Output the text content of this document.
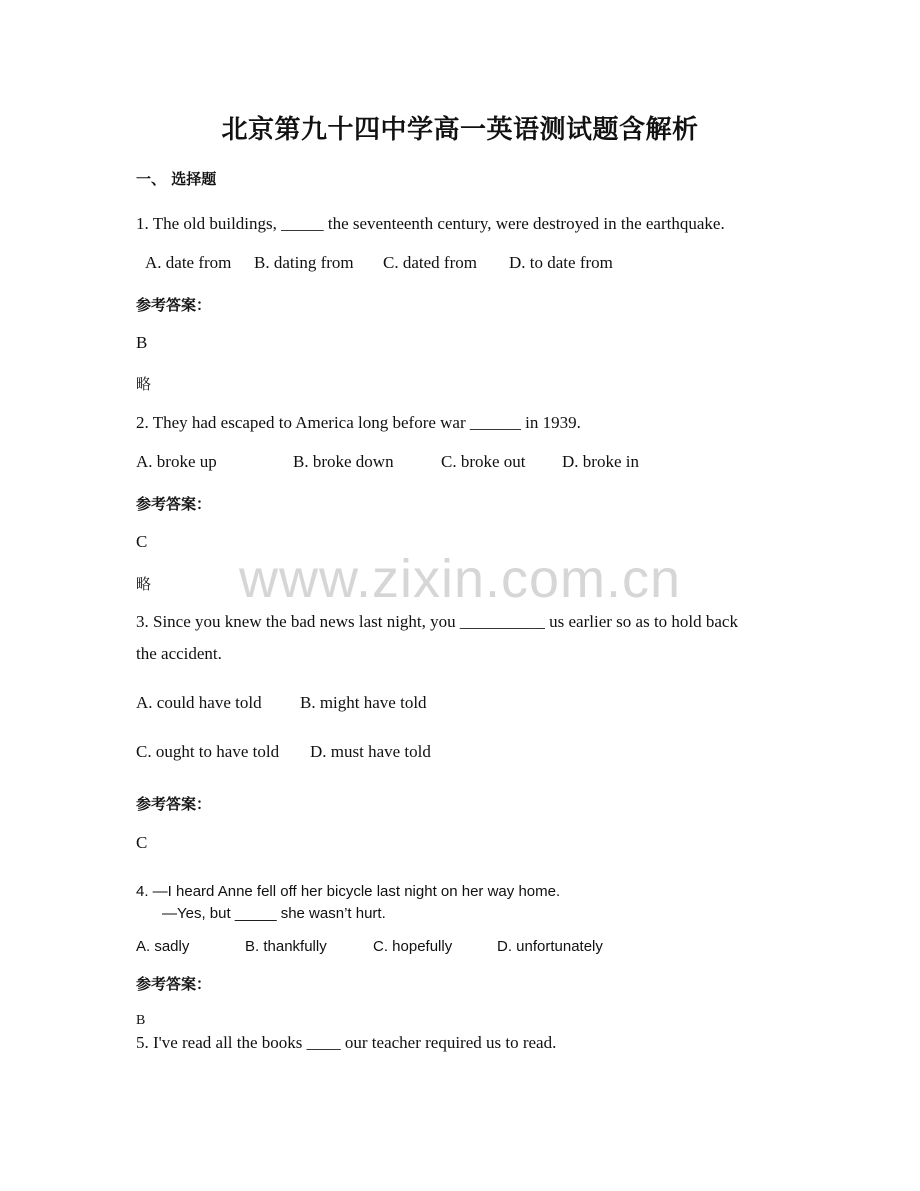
北京第九十四中学高一英语测试题含解析
一、 选择题
1. The old buildings, _____ the seventeenth century, were destroyed in the earthquake.
A. date from B. dating from C. dated from D. to date from
参考答案：
B
略
2. They had escaped to America long before war ______ in 1939.
A. broke up	B. broke down	C. broke out D. broke in
参考答案：
C
略	www.zixin.com.cn
3. Since you knew the bad news last night, you __________ us earlier so as to hold back
the accident.
A. could have told B. might have told
C. ought to have told D. must have told
参考答案：
C
4. —I heard Anne fell off her bicycle last night on her way home.
—Yes, but _____ she wasn’t hurt.
A. sadly	B. thankfully	C. hopefully	D. unfortunately
参考答案：
B
5. I've read all the books ____ our teacher required us to read.
